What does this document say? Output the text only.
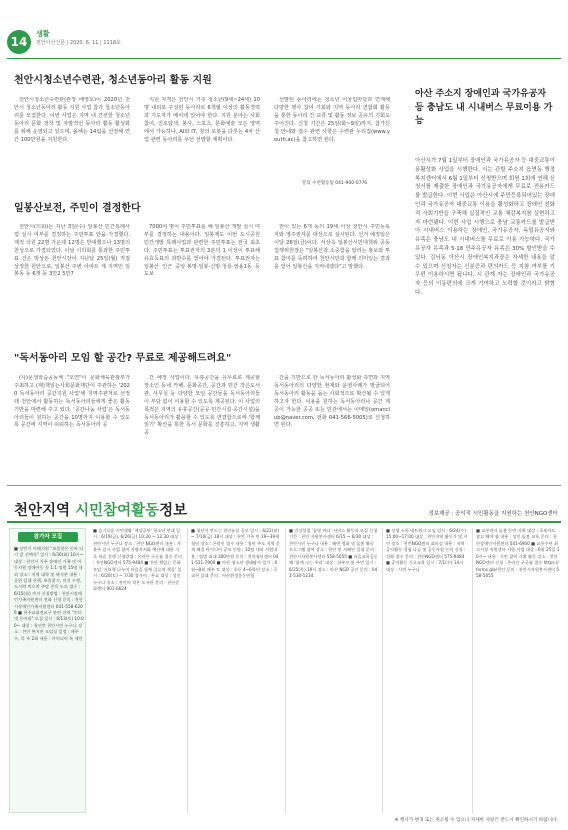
14
생활
천안아산신문 | 2020. 6. 11 | 1118호
천안시청소년수련관, 청소년동아리 활동 지원

천안시청소년수련관(관장 배영호)이 2020년 천안시 청소년동아리 활동 지원 사업 참가 청소년동아리를 모집한다. 이번 사업은 지역 내 건전한 청소년동아리 문화 정착 및 자발적인 동아리 활동 활성화를 위해 운영되고 있으며, 올해는 14팀을 선정해 연간 100만원을 지원한다.

지원 자격은 천안시 거주 청소년(9세~24세) 10명 내외로 구성된 동아리로 6개월 이상의 활동경력과 지도자가 배치돼 있어야 한다. 지원 분야는 사회참여, 진로탐색, 봉사, 스포츠, 문화예술 모든 영역에서 가능하나, AI와 IT, 창의 로봇을 다루는 4차 산업 관련 동아리를 우선 선발할 계획이다.

선발된 동아리에는 청소년 어울림마당과 연계해 다양한 행사 참여 기회와 지역 동아리 연합회 활동을 통한 동아리 간 교류 및 활동 정보 공유의 기회도 주어진다. 신청 기간은 25일(화~9일)까지, 참가신청 안내와 접수 관련 사항은 수련관 누리집(www.youth.ac)을 참고하면 된다.

문의 수련활동팀 041-900-0776
일봉산보전, 주민이 결정한다

천안시(의회)는 지난 3일(수) 일봉산 민간특례사업 실시 여부를 결정하는 주민투표 안을 가결했다. 제적 의원 22명 가운데 12명은 반대했으나 13명의 찬성으로 가결되었다. 이날 시의회를 통과한 주민투표 건은 박상돈 천안시장이 지난달 25일(월) 직접 상정한 원안으로, 일봉산 주변 아파트 계 지역민 일봉동 등 6개 동 3만2 5만7

7000여 명이 주민투표를 해 일봉산 개발 실시 여부를 결정하는 내용이다. 일봉제도 이번 도시공원 민간개발 특례사업과 관련한 주민투표는 전국 최초다. 주민투표는 투표권자의 3분의 1 이상이 투표해 유효득표의 과반수를 얻어야 가결된다. 투표권자는 일봉산 인근 중앙·봉명·일봉·신방·청룡·쌍용1동 등 도보

권이 있는 6개 동의 19세 이상 천안시 주민등록자와 영주권자를 대상으로 실시된다. 선거 예정일은 이달 26일(금)이다. 서상옥 일봉산시민대책위 공동집행위원장은 "일봉산과 소중함을 알리는 홍보와 투표 참여를 독려하여 천안시민과 함께 의미있는 결과를 얻어 일봉산을 지켜내겠다"고 말했다.

"독서동아리 모임 할 공간? 무료로 제공해드려요"

(사)문생학습공동체 "오연"이 문화체육관광부가 주최하고 (재)책읽는사회문화재단이 주관하는 '2020 독서동아리 공간지원 사업'에 지역주관처로 선정돼 천안에서 활동하는 독서동아리들에게 좋은 활동기반을 마련해 주고 있다. '공간나눔 사업'은 독서동아리들이 원하는 공간을 10명까지 이용할 수 있도록 공간에 지역이 쉬워하는 독서동아리 공

간 예정 사업이다. 유휴공간을 유무료로 제공할 장소인 동네 카페, 문화공간, 공간과 민간 작은도서관, 사무실 등 다양한 모임 공간들을 독서동아리들이 부담 없이 이용할 수 있도록 제공된다. 이 사업의 목적은 지역의 유휴공간(공공·민간시설·공간시설)을 독서동아리가 활용할 수 있도록 연결함으로써 '함께 읽기' 확산을 통한 독서 문화를 진흥하고, 지역 생활공

간을 기반으로 한 독서동아리 활성화 측면과 지역 독서동아리의 다양한 현재와 운영사례가 발굴되어 독서동아리 활동을 돕는 사회적으로 확산될 수 있게 하고자 한다. 이용을 원하는 독서동아리나 공간 제공이 가능한 공공 또는 민간에서는 이메일(omanclub@naver.com, 전화 041-566-5005)로 신청하면 된다.

아산 주소지 장애인과 국가유공자 등 충남도 내 시내버스 무료이용 가능
아산시가 7월 1일부터 장애인과 국가유공자 등 대중교통이용활성화 사업을 시행한다. 시는 관할 주소지 읍면동 행정복지센터에서 6월 1일부터 신청받으며 회원 1회에 연해 신청서를 제출한 장애인과 국가유공자에게 무료로 전용카드를 발급한다. 이번 사업은 아산시에 주민등록되어있는 장애인과 국가유공자 대중교통 이용을 활성화하고 장애인 친화적 사회기반을 구축해 실질적인 교통 체감복지를 실현하고자 마련됐다. 이번 사업 시행으로 충남 교통카드를 발급받아 시내버스 이용하는 장애인, 국가유공자, 독립유공자와 유족은 충남도 내 시내버스를 무료로 이용 가능하다. 국가유공자 유족과 5·18 민주유공자 유족은 30% 할인받을 수 있다. 김낙동 아산시 장애인복지과장은 자세한 내용을 알 수 있으며 신청자는 신분증과 편의카드 등 지참 여부를 기 우편 이용하시면 됩니다. 시 관계 자는 장애인과 국가유공자 등의 이동편의에 크게 기여하고 노력할 것이라고 밝혔다.
천안지역 시민참여활동정보	정보제공 : 공익적 시민활동을 지원하는 천안NGO센터
참가자 모집
■ 상반기 이해지원 "보물찾은 동아 되기 잘 선택자" 일시 : 6/30(화) 10시~ 대상 : 천안시 거주 장애인 가족 및 아동지원 장애아동 등 1:1 정원 15명 내외 장소 : 지역 대학 및 복지관 내용 : 공원 일대 산책, 보물찾기, 미션 수행, 도시락 먹으며 주말 친목 도모 접수 : 6/15(월) 까지 신청방법 : 천안시장애인가족지원센터 전화 신청 문의 : 천안시장애인가족지원센터 041-558-6206 ■ 천주교대전교구 관련 인력 "인터넷 동아리" 모집 일시 : 6/13(토) 10:00~ 대상 : 청년층 천안시민 누구나 장소 : 천안 복지관 모임실 일정 : 매주 수, 목 주 2회 내용 : 아이디어 톡 제안
■ 슬기로운 시민생활 '책상공부' 청소년 연대 일시 : 6/19(금), 6/26(금) 10:30 ~ 12:30 대상 : 천안시민 누구나 장소 : 천안 NGO센터 내용 : 자율주 감시 사업 참여 지방자치와 예산에 대한 기초 학습 진행 신청방법 : 온라인 구글폼 접수 문의 : 천안NGO센터 575-9484 ■ 천안 책읽는 문화모임 '거리책 나누며 마을을 함께 걸으며 책을' 일시 : 6/20(토) ~ 7/30 참가비 : 무료 대상 : 성인 누구나 장소 : 천안의 작은 도서관 문의 : 천안문화센터 901-6624
■ 청년이 만드는 천안뉴딜 공모 일시 : 6/22(월) ~ 7/10(금) 18시 대상 : 천안 거주 만 19~39세 청년 장소 : 온라인 접수 내용 : 청년 주도 지역 문제 해결 아이디어 공모 인원 : 10팀 내외 지원내용 : 팀별 최대 300만원 문의 : 천안청년센터 041-521-7900 ■ 아산 청소년 생태탐사 일시 : 6월~8월 매주 토 대상 : 초등 4~6학년 장소 : 곡교천 일대 문의 : 아산환경운동연합
■ 건강힐링 '꿈빛 바다' 서비스 활동의 모집 신청기간 : 천안 자원봉사센터 6/15 ~ 6/30 대상 : 천안시민 누구나 내용 : 해변 정화 및 돌봄 활동 프로그램 참여 장소 : 천안 및 서해안 일대 문의 : 천안시자원봉사센터 558-5055 ■ 마을교육공동체 '함께 크는 우리' 대상 : 학부모 및 주민 일시 : 6/25(목) 19시 장소 : 아산 NGO 공간 문의 : 041-530-1234
■ 상생 소통 네트워크 모임 일시 : 6/24(수) 15:00~17:00 대상 : 천안지역 활동가 및 시민 장소 : 천안NGO센터 회의실 내용 : 지역 공익활동 경험 나눔 및 공동사업 논의 신청 : 전화 접수 문의 : 천안NGO센터 575-9484 ■ 공익활동 기초교육 일시 : 7/1(수) 14시 대상 : 시민 누구나
■ 교통약자 돌봄 동반 기획 대상 : 초보자도 참고 해야 함 내용 : 성인 돌봄 교육 문의 : 천안장애인지원센터 541-6900 ■ 교통수단 최고시장 지원센터 지원 사업 대상 : 6월 25일 10시~ 내용 : 시민 참여 기획 활동 장소 : 천안NGO센터 신청 : 온라인 구글폼 접수 https://forms.gle/천안 문의 : 천안시자원봉사센터 558-5055
※ 행사가 변경 또는 취소될 수 있으니 자세한 사항은 반드시 확인하시기 바랍니다.
